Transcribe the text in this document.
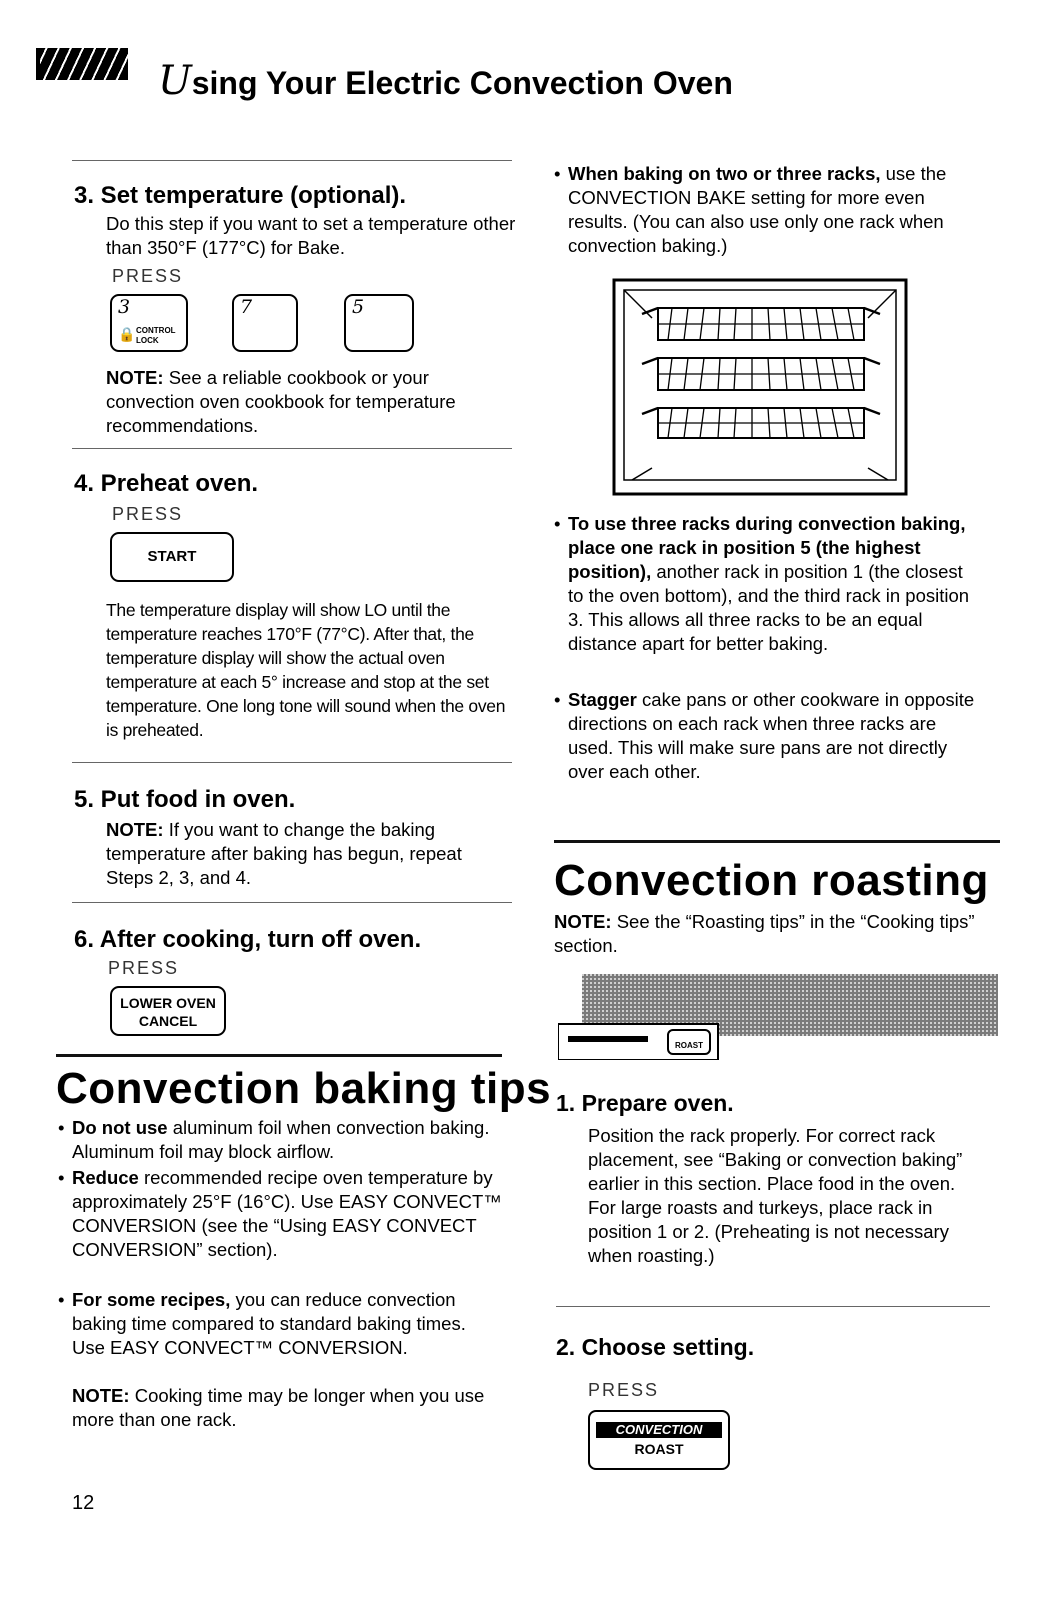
Using Your Electric Convection Oven
3. Set temperature (optional).
Do this step if you want to set a temperature other than 350°F (177°C) for Bake.
PRESS
3
🔒 CONTROL LOCK
7	5
NOTE: See a reliable cookbook or your convection oven cookbook for temperature recommendations.
4. Preheat oven.
PRESS
START
The temperature display will show LO until the temperature reaches 170°F (77°C). After that, the temperature display will show the actual oven temperature at each 5° increase and stop at the set temperature. One long tone will sound when the oven is preheated.
5. Put food in oven.
NOTE: If you want to change the baking temperature after baking has begun, repeat Steps 2, 3, and 4.
6. After cooking, turn off oven.
PRESS
LOWER OVEN
CANCEL
Convection baking tips
• Do not use aluminum foil when convection baking. Aluminum foil may block airflow.
• Reduce recommended recipe oven temperature by approximately 25°F (16°C). Use EASY CONVECT™ CONVERSION (see the “Using EASY CONVECT CONVERSION” section).
• For some recipes, you can reduce convection baking time compared to standard baking times. Use EASY CONVECT™ CONVERSION.
NOTE: Cooking time may be longer when you use more than one rack.
12
• When baking on two or three racks, use the CONVECTION BAKE setting for more even results. (You can also use only one rack when convection baking.)
• To use three racks during convection baking, place one rack in position 5 (the highest position), another rack in position 1 (the closest to the oven bottom), and the third rack in position 3. This allows all three racks to be an equal distance apart for better baking.
• Stagger cake pans or other cookware in opposite directions on each rack when three racks are used. This will make sure pans are not directly over each other.
Convection roasting
NOTE: See the “Roasting tips” in the “Cooking tips” section.
ROAST
1. Prepare oven.
Position the rack properly. For correct rack placement, see “Baking or convection baking” earlier in this section. Place food in the oven. For large roasts and turkeys, place rack in position 1 or 2. (Preheating is not necessary when roasting.)
2. Choose setting.
PRESS
CONVECTION
ROAST
